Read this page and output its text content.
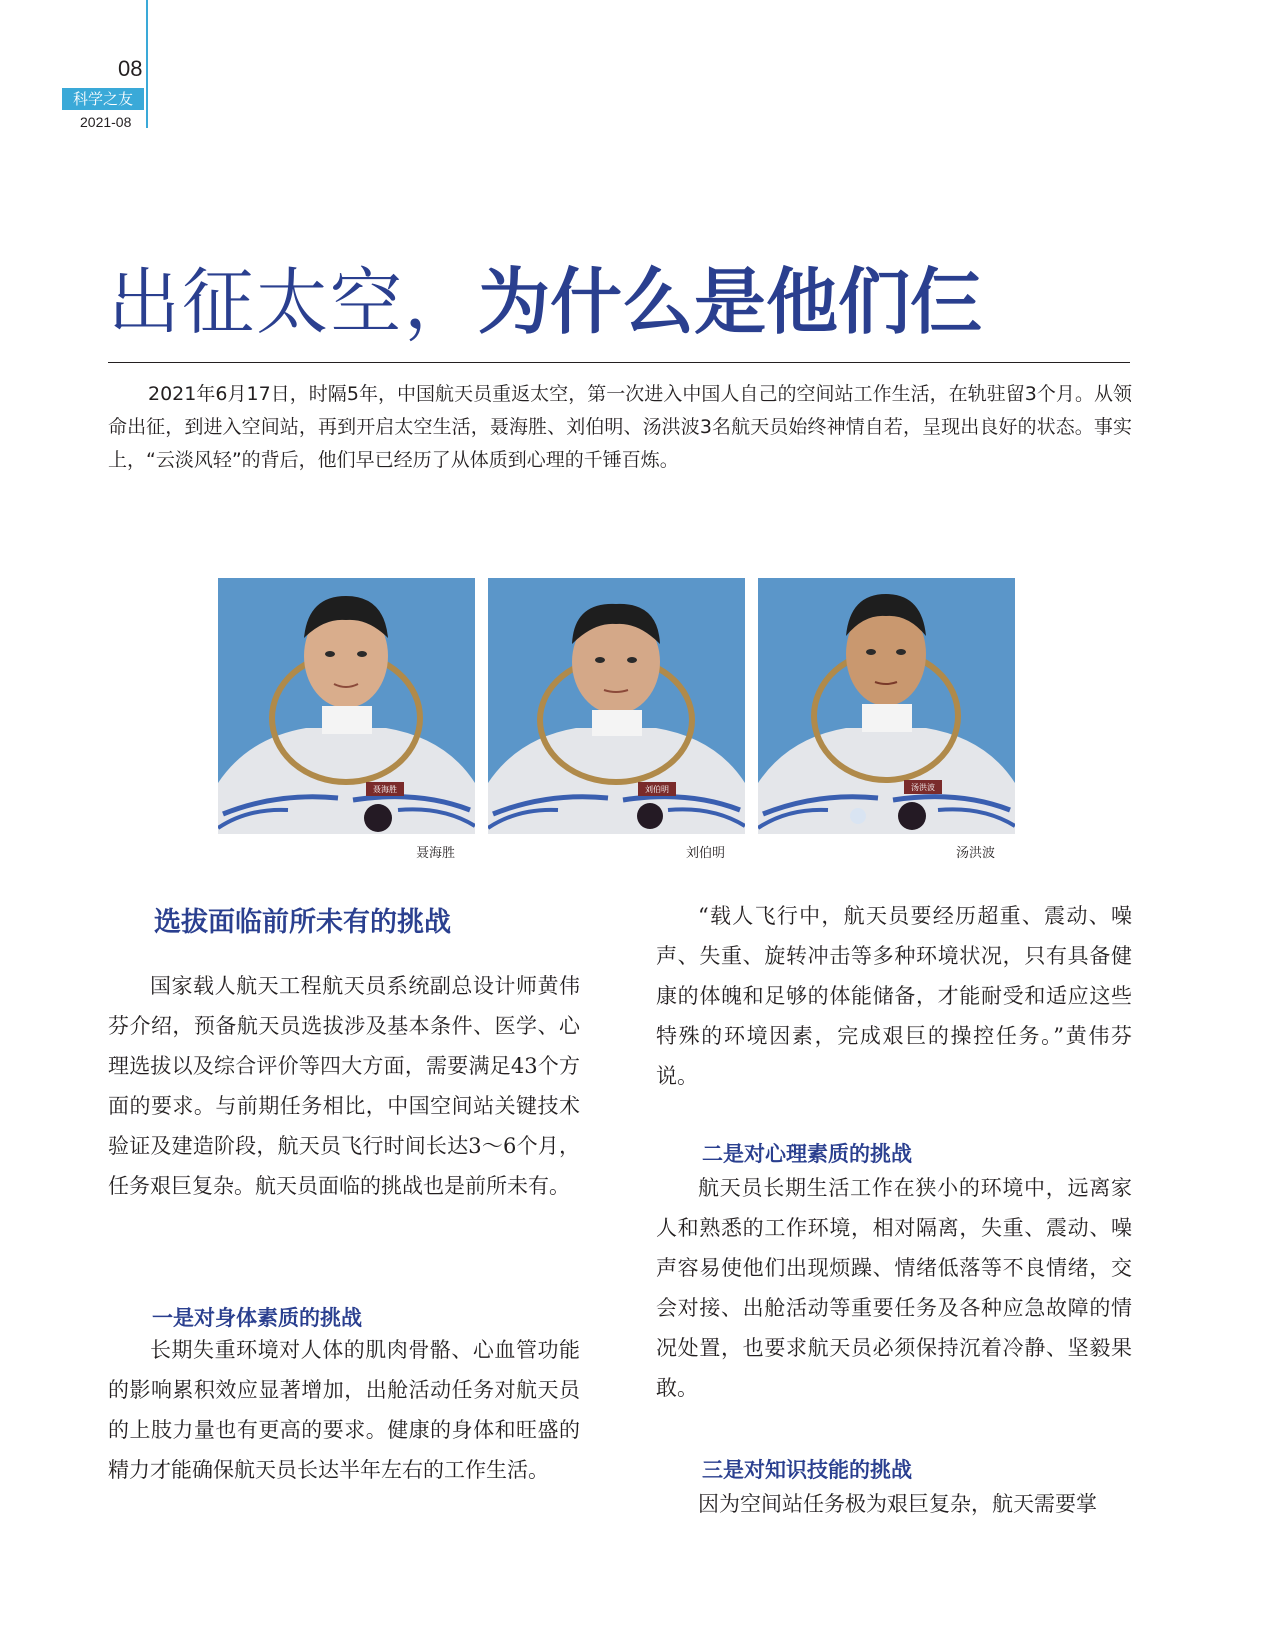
08
科学之友
2021-08
出征太空，为什么是他们仨

2021年6月17日，时隔5年，中国航天员重返太空，第一次进入中国人自己的空间站工作生活，在轨驻留3个月。从领命出征，到进入空间站，再到开启太空生活，聂海胜、刘伯明、汤洪波3名航天员始终神情自若，呈现出良好的状态。事实上，“云淡风轻”的背后，他们早已经历了从体质到心理的千锤百炼。

聂海胜
聂海胜
刘伯明
刘伯明
汤洪波
汤洪波
选拔面临前所未有的挑战

国家载人航天工程航天员系统副总设计师黄伟芬介绍，预备航天员选拔涉及基本条件、医学、心理选拔以及综合评价等四大方面，需要满足43个方面的要求。与前期任务相比，中国空间站关键技术验证及建造阶段，航天员飞行时间长达3～6个月，任务艰巨复杂。航天员面临的挑战也是前所未有。

一是对身体素质的挑战

长期失重环境对人体的肌肉骨骼、心血管功能的影响累积效应显著增加，出舱活动任务对航天员的上肢力量也有更高的要求。健康的身体和旺盛的精力才能确保航天员长达半年左右的工作生活。

“载人飞行中，航天员要经历超重、震动、噪声、失重、旋转冲击等多种环境状况，只有具备健康的体魄和足够的体能储备，才能耐受和适应这些特殊的环境因素，完成艰巨的操控任务。”黄伟芬说。

二是对心理素质的挑战

航天员长期生活工作在狭小的环境中，远离家人和熟悉的工作环境，相对隔离，失重、震动、噪声容易使他们出现烦躁、情绪低落等不良情绪，交会对接、出舱活动等重要任务及各种应急故障的情况处置，也要求航天员必须保持沉着冷静、坚毅果敢。

三是对知识技能的挑战

因为空间站任务极为艰巨复杂，航天需要掌
